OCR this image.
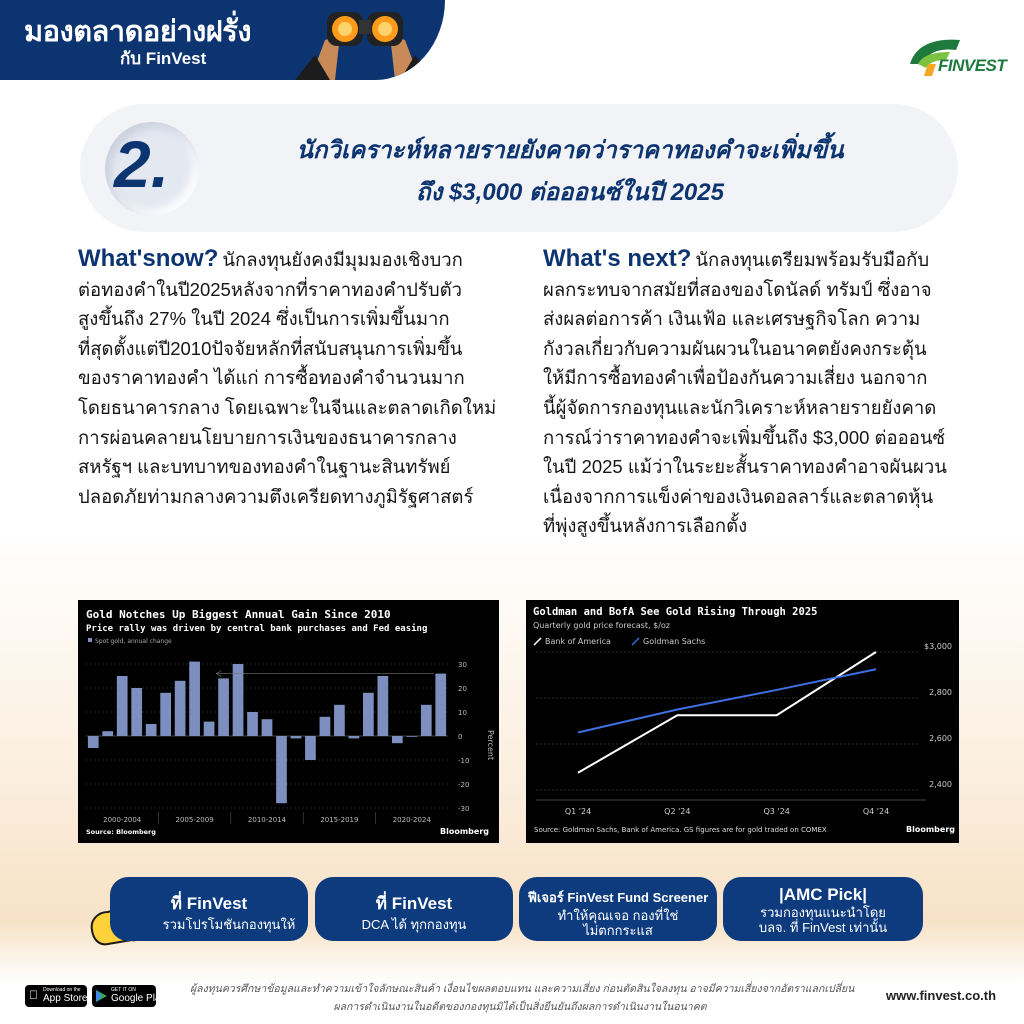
มองตลาดอย่างฝรั่ง
กับ FinVest	FINVEST
2.	นักวิเคราะห์หลายรายยังคาดว่าราคาทองคำจะเพิ่มขึ้น
ถึง $3,000 ต่อออนซ์ในปี 2025
What'snow? นักลงทุนยังคงมีมุมมองเชิงบวก
ต่อทองคำในปี2025หลังจากที่ราคาทองคำปรับตัว
สูงขึ้นถึง 27% ในปี 2024 ซึ่งเป็นการเพิ่มขึ้นมาก
ที่สุดตั้งแต่ปี2010ปัจจัยหลักที่สนับสนุนการเพิ่มขึ้น
ของราคาทองคำ ได้แก่ การซื้อทองคำจำนวนมาก
โดยธนาคารกลาง โดยเฉพาะในจีนและตลาดเกิดใหม่
การผ่อนคลายนโยบายการเงินของธนาคารกลาง
สหรัฐฯ และบทบาทของทองคำในฐานะสินทรัพย์
ปลอดภัยท่ามกลางความตึงเครียดทางภูมิรัฐศาสตร์
What's next? นักลงทุนเตรียมพร้อมรับมือกับ
ผลกระทบจากสมัยที่สองของโดนัลด์ ทรัมป์ ซึ่งอาจ
ส่งผลต่อการค้า เงินเฟ้อ และเศรษฐกิจโลก ความ
กังวลเกี่ยวกับความผันผวนในอนาคตยังคงกระตุ้น
ให้มีการซื้อทองคำเพื่อป้องกันความเสี่ยง นอกจาก
นี้ผู้จัดการกองทุนและนักวิเคราะห์หลายรายยังคาด
การณ์ว่าราคาทองคำจะเพิ่มขึ้นถึง $3,000 ต่อออนซ์
ในปี 2025 แม้ว่าในระยะสั้นราคาทองคำอาจผันผวน
เนื่องจากการแข็งค่าของเงินดอลลาร์และตลาดหุ้น
ที่พุ่งสูงขึ้นหลังการเลือกตั้ง
Gold Notches Up Biggest Annual Gain Since 2010
Price rally was driven by central bank purchases and Fed easing
Spot gold, annual change
Percent
Source: Bloomberg	Bloomberg
30
20
10
0
-10
-20
-30
2000-2004	2005-2009	2010-2014	2015-2019	2020-2024
Goldman and BofA See Gold Rising Through 2025
Quarterly gold price forecast, $/oz
Source: Goldman Sachs, Bank of America. GS figures are for gold traded on COMEX	Bloomberg
$3,000
2,800
2,600
2,400
Q1 '24	Q2 '24	Q3 '24	Q4 '24
Bank of America	Goldman Sachs
ที่ FinVest
รวมโปรโมชันกองทุนให้
ที่ FinVest
DCA ได้ ทุกกองทุน
ฟีเจอร์ FinVest Fund Screener
ทำให้คุณเจอ กองที่ใช่
ไม่ตกกระแส
|AMC Pick|
รวมกองทุนแนะนำโดย
บลจ. ที่ FinVest เท่านั้น
ผู้ลงทุนควรศึกษาข้อมูลและทำความเข้าใจลักษณะสินค้า เงื่อนไขผลตอบแทน และความเสี่ยง ก่อนตัดสินใจลงทุน อาจมีความเสี่ยงจากอัตราแลกเปลี่ยน
ผลการดำเนินงานในอดีตของกองทุนมิได้เป็นสิ่งยืนยันถึงผลการดำเนินงานในอนาคต
Download on the
App Store
GET IT ON
Google Play	www.finvest.co.th
